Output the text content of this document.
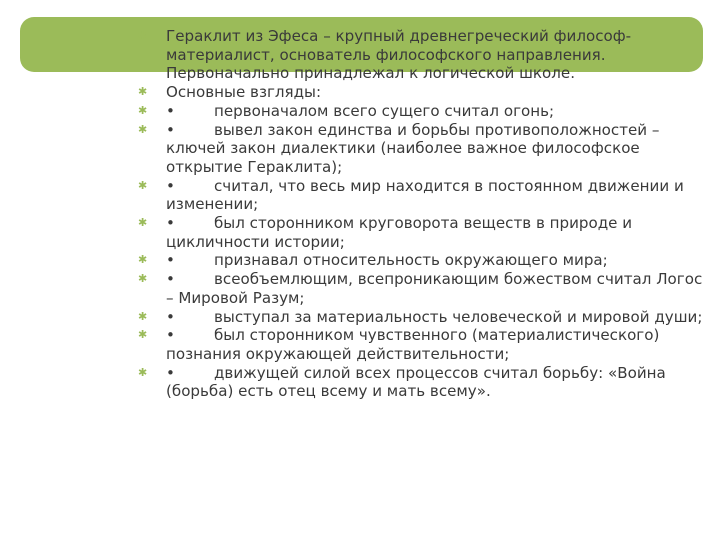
✱ Гераклит из Эфеса – крупный древнегреческий философ-материалист, основатель философского направления. Первоначально принадлежал к логической школе.
✱ Основные взгляды:
✱ •	первоначалом всего сущего считал огонь;
✱ •	вывел закон единства и борьбы противоположностей – ключей закон диалектики (наиболее важное философское открытие Гераклита);
✱ •	считал, что весь мир находится в постоянном движении и изменении;
✱ •	был сторонником круговорота веществ в природе и цикличности истории;
✱ •	признавал относительность окружающего мира;
✱ •	всеобъемлющим, всепроникающим божеством считал Логос – Мировой Разум;
✱ •	выступал за материальность человеческой и мировой души;
✱ •	был сторонником чувственного (материалистического) познания окружающей действительности;
✱ •	движущей силой всех процессов считал борьбу: «Война (борьба) есть отец всему и мать всему».
